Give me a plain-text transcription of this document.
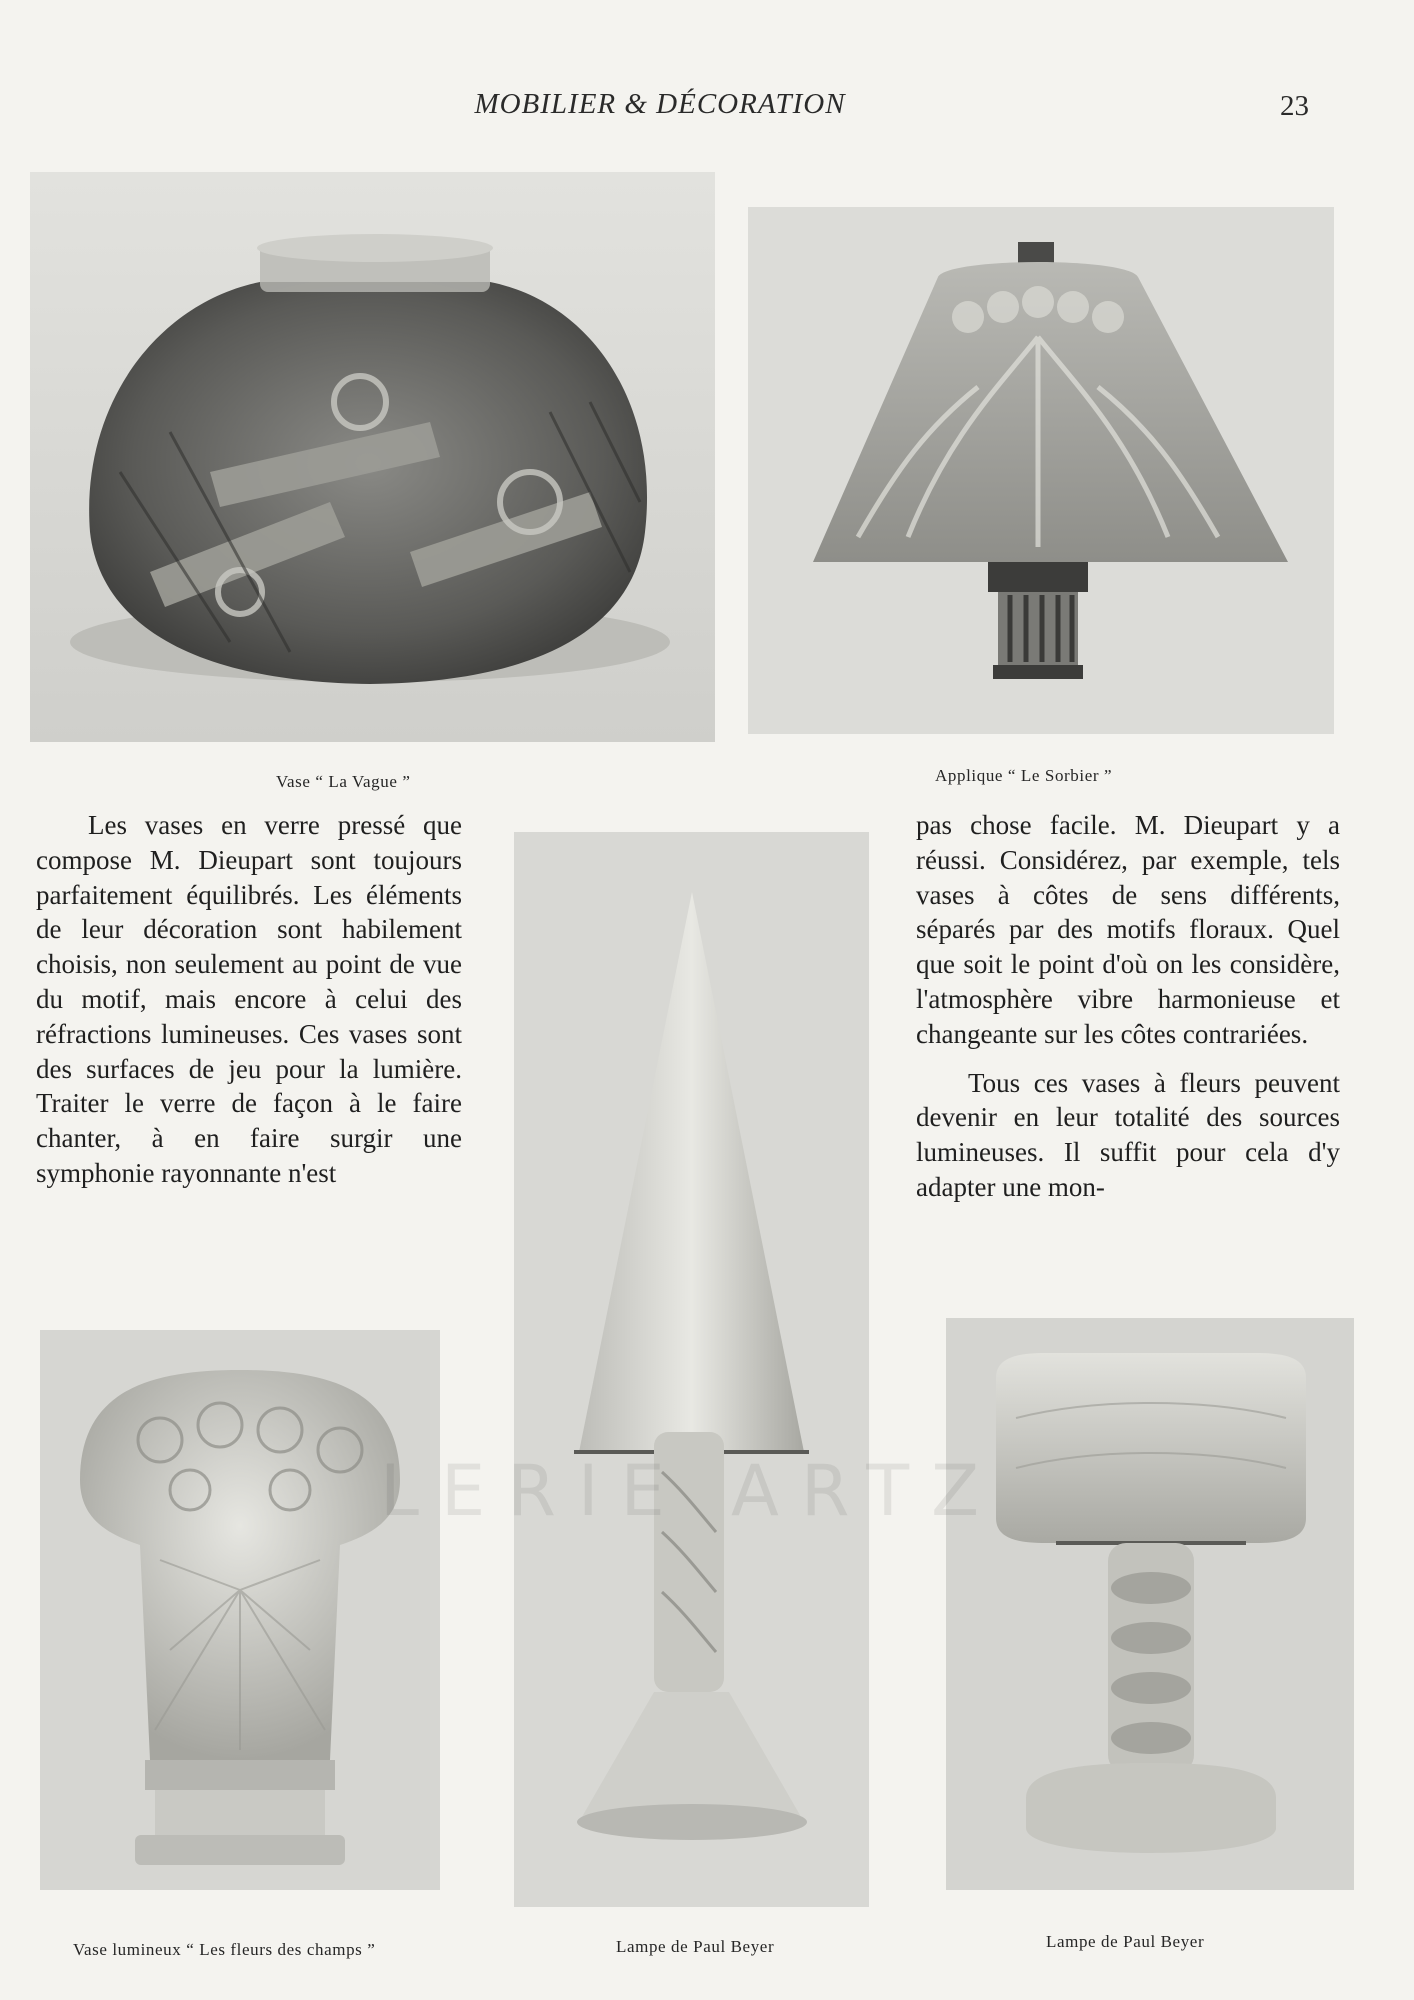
MOBILIER & DÉCORATION	23
Vase “ La Vague ”	Applique “ Le Sorbier ”

Les vases en verre pressé que compose M. Dieupart sont toujours parfaitement équilibrés. Les éléments de leur décoration sont habilement choisis, non seulement au point de vue du motif, mais encore à celui des réfractions lumineuses. Ces vases sont des surfaces de jeu pour la lumière. Traiter le verre de façon à le faire chanter, à en faire surgir une symphonie rayonnante n'est

pas chose facile. M. Dieupart y a réussi. Considérez, par exemple, tels vases à côtes de sens différents, séparés par des motifs floraux. Quel que soit le point d'où on les considère, l'atmosphère vibre harmonieuse et changeante sur les côtes contrariées.

Tous ces vases à fleurs peuvent devenir en leur totalité des sources lumineuses. Il suffit pour cela d'y adapter une mon-

Vase lumineux “ Les fleurs des champs ”	Lampe de Paul Beyer	Lampe de Paul Beyer
LERIE ARTZ
